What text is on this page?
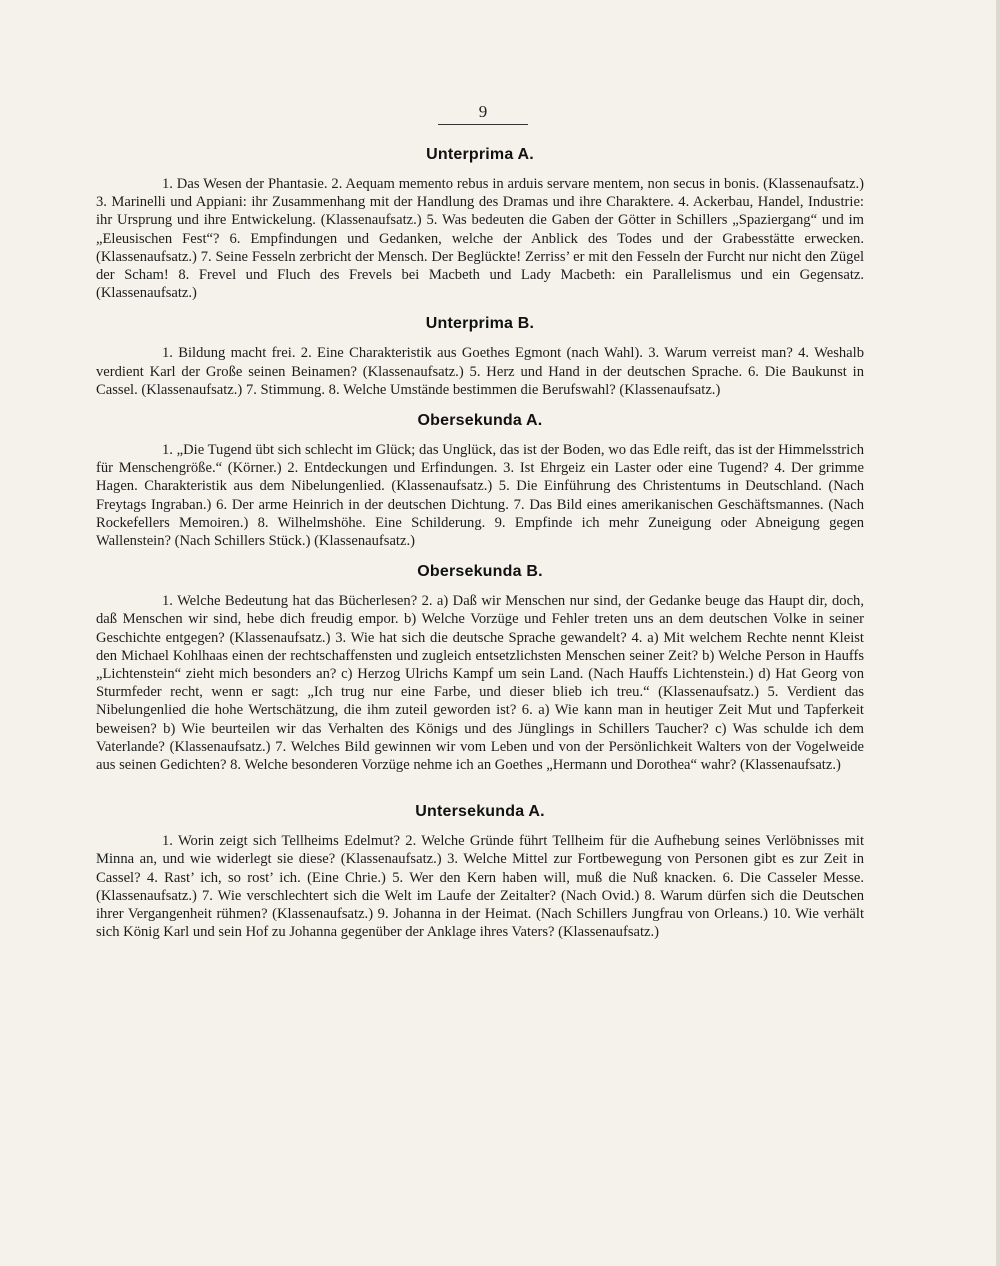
9
Unterprima A.

1. Das Wesen der Phantasie. 2. Aequam memento rebus in arduis servare mentem, non secus in bonis. (Klassenaufsatz.) 3. Marinelli und Appiani: ihr Zusammenhang mit der Handlung des Dramas und ihre Charaktere. 4. Ackerbau, Handel, Industrie: ihr Ursprung und ihre Entwickelung. (Klassenaufsatz.) 5. Was bedeuten die Gaben der Götter in Schillers „Spaziergang“ und im „Eleusischen Fest“? 6. Empfindungen und Gedanken, welche der Anblick des Todes und der Grabesstätte erwecken. (Klassenaufsatz.) 7. Seine Fesseln zerbricht der Mensch. Der Beglückte! Zerriss’ er mit den Fesseln der Furcht nur nicht den Zügel der Scham! 8. Frevel und Fluch des Frevels bei Macbeth und Lady Macbeth: ein Parallelismus und ein Gegensatz. (Klassenaufsatz.)

Unterprima B.

1. Bildung macht frei. 2. Eine Charakteristik aus Goethes Egmont (nach Wahl). 3. Warum verreist man? 4. Weshalb verdient Karl der Große seinen Beinamen? (Klassenaufsatz.) 5. Herz und Hand in der deutschen Sprache. 6. Die Baukunst in Cassel. (Klassenaufsatz.) 7. Stimmung. 8. Welche Umstände bestimmen die Berufswahl? (Klassenaufsatz.)

Obersekunda A.

1. „Die Tugend übt sich schlecht im Glück; das Unglück, das ist der Boden, wo das Edle reift, das ist der Himmelsstrich für Menschengröße.“ (Körner.) 2. Entdeckungen und Erfindungen. 3. Ist Ehrgeiz ein Laster oder eine Tugend? 4. Der grimme Hagen. Charakteristik aus dem Nibelungenlied. (Klassenaufsatz.) 5. Die Einführung des Christentums in Deutschland. (Nach Freytags Ingraban.) 6. Der arme Heinrich in der deutschen Dichtung. 7. Das Bild eines amerikanischen Geschäftsmannes. (Nach Rockefellers Memoiren.) 8. Wilhelmshöhe. Eine Schilderung. 9. Empfinde ich mehr Zuneigung oder Abneigung gegen Wallenstein? (Nach Schillers Stück.) (Klassenaufsatz.)

Obersekunda B.

1. Welche Bedeutung hat das Bücherlesen? 2. a) Daß wir Menschen nur sind, der Gedanke beuge das Haupt dir, doch, daß Menschen wir sind, hebe dich freudig empor. b) Welche Vorzüge und Fehler treten uns an dem deutschen Volke in seiner Geschichte entgegen? (Klassenaufsatz.) 3. Wie hat sich die deutsche Sprache gewandelt? 4. a) Mit welchem Rechte nennt Kleist den Michael Kohlhaas einen der rechtschaffensten und zugleich entsetzlichsten Menschen seiner Zeit? b) Welche Person in Hauffs „Lichtenstein“ zieht mich besonders an? c) Herzog Ulrichs Kampf um sein Land. (Nach Hauffs Lichtenstein.) d) Hat Georg von Sturmfeder recht, wenn er sagt: „Ich trug nur eine Farbe, und dieser blieb ich treu.“ (Klassenaufsatz.) 5. Verdient das Nibelungenlied die hohe Wertschätzung, die ihm zuteil geworden ist? 6. a) Wie kann man in heutiger Zeit Mut und Tapferkeit beweisen? b) Wie beurteilen wir das Verhalten des Königs und des Jünglings in Schillers Taucher? c) Was schulde ich dem Vaterlande? (Klassenaufsatz.) 7. Welches Bild gewinnen wir vom Leben und von der Persönlichkeit Walters von der Vogelweide aus seinen Gedichten? 8. Welche besonderen Vorzüge nehme ich an Goethes „Hermann und Dorothea“ wahr? (Klassenaufsatz.)

Untersekunda A.

1. Worin zeigt sich Tellheims Edelmut? 2. Welche Gründe führt Tellheim für die Aufhebung seines Verlöbnisses mit Minna an, und wie widerlegt sie diese? (Klassenaufsatz.) 3. Welche Mittel zur Fortbewegung von Personen gibt es zur Zeit in Cassel? 4. Rast’ ich, so rost’ ich. (Eine Chrie.) 5. Wer den Kern haben will, muß die Nuß knacken. 6. Die Casseler Messe. (Klassenaufsatz.) 7. Wie verschlechtert sich die Welt im Laufe der Zeitalter? (Nach Ovid.) 8. Warum dürfen sich die Deutschen ihrer Vergangenheit rühmen? (Klassenaufsatz.) 9. Johanna in der Heimat. (Nach Schillers Jungfrau von Orleans.) 10. Wie verhält sich König Karl und sein Hof zu Johanna gegenüber der Anklage ihres Vaters? (Klassenaufsatz.)
